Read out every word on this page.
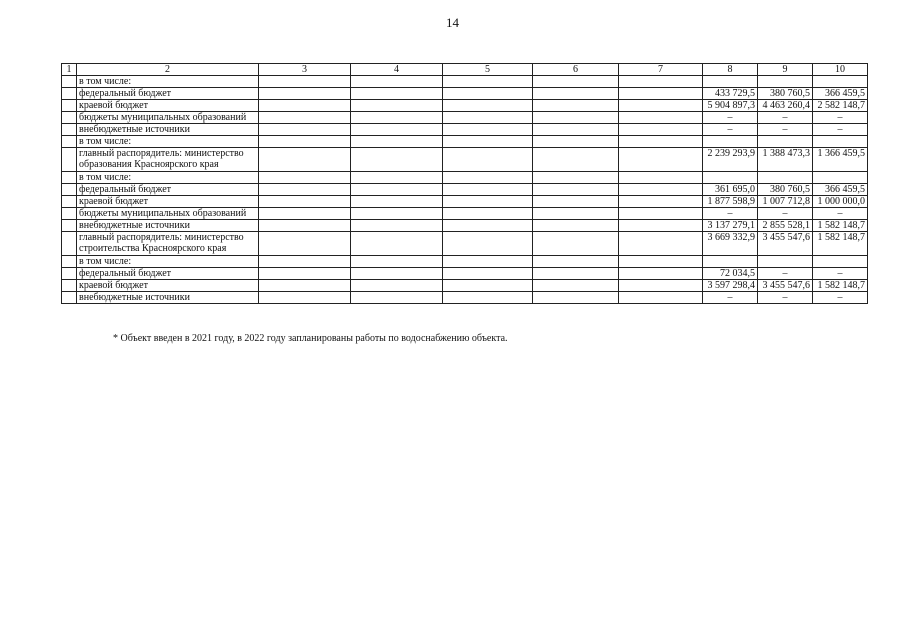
14
1	2	3	4	5	6	7	8	9	10
	в том числе:								
	федеральный бюджет						433 729,5	380 760,5	366 459,5
	краевой бюджет						5 904 897,3	4 463 260,4	2 582 148,7
	бюджеты муниципальных образований						–	–	–
	внебюджетные источники						–	–	–
	в том числе:								
	главный распорядитель: министерство образования Красноярского края						2 239 293,9	1 388 473,3	1 366 459,5
	в том числе:								
	федеральный бюджет						361 695,0	380 760,5	366 459,5
	краевой бюджет						1 877 598,9	1 007 712,8	1 000 000,0
	бюджеты муниципальных образований						–	–	–
	внебюджетные источники						3 137 279,1	2 855 528,1	1 582 148,7
	главный распорядитель: министерство строительства Красноярского края						3 669 332,9	3 455 547,6	1 582 148,7
	в том числе:								
	федеральный бюджет						72 034,5	–	–
	краевой бюджет						3 597 298,4	3 455 547,6	1 582 148,7
	внебюджетные источники						–	–	–
* Объект введен в 2021 году, в 2022 году запланированы работы по водоснабжению объекта.
